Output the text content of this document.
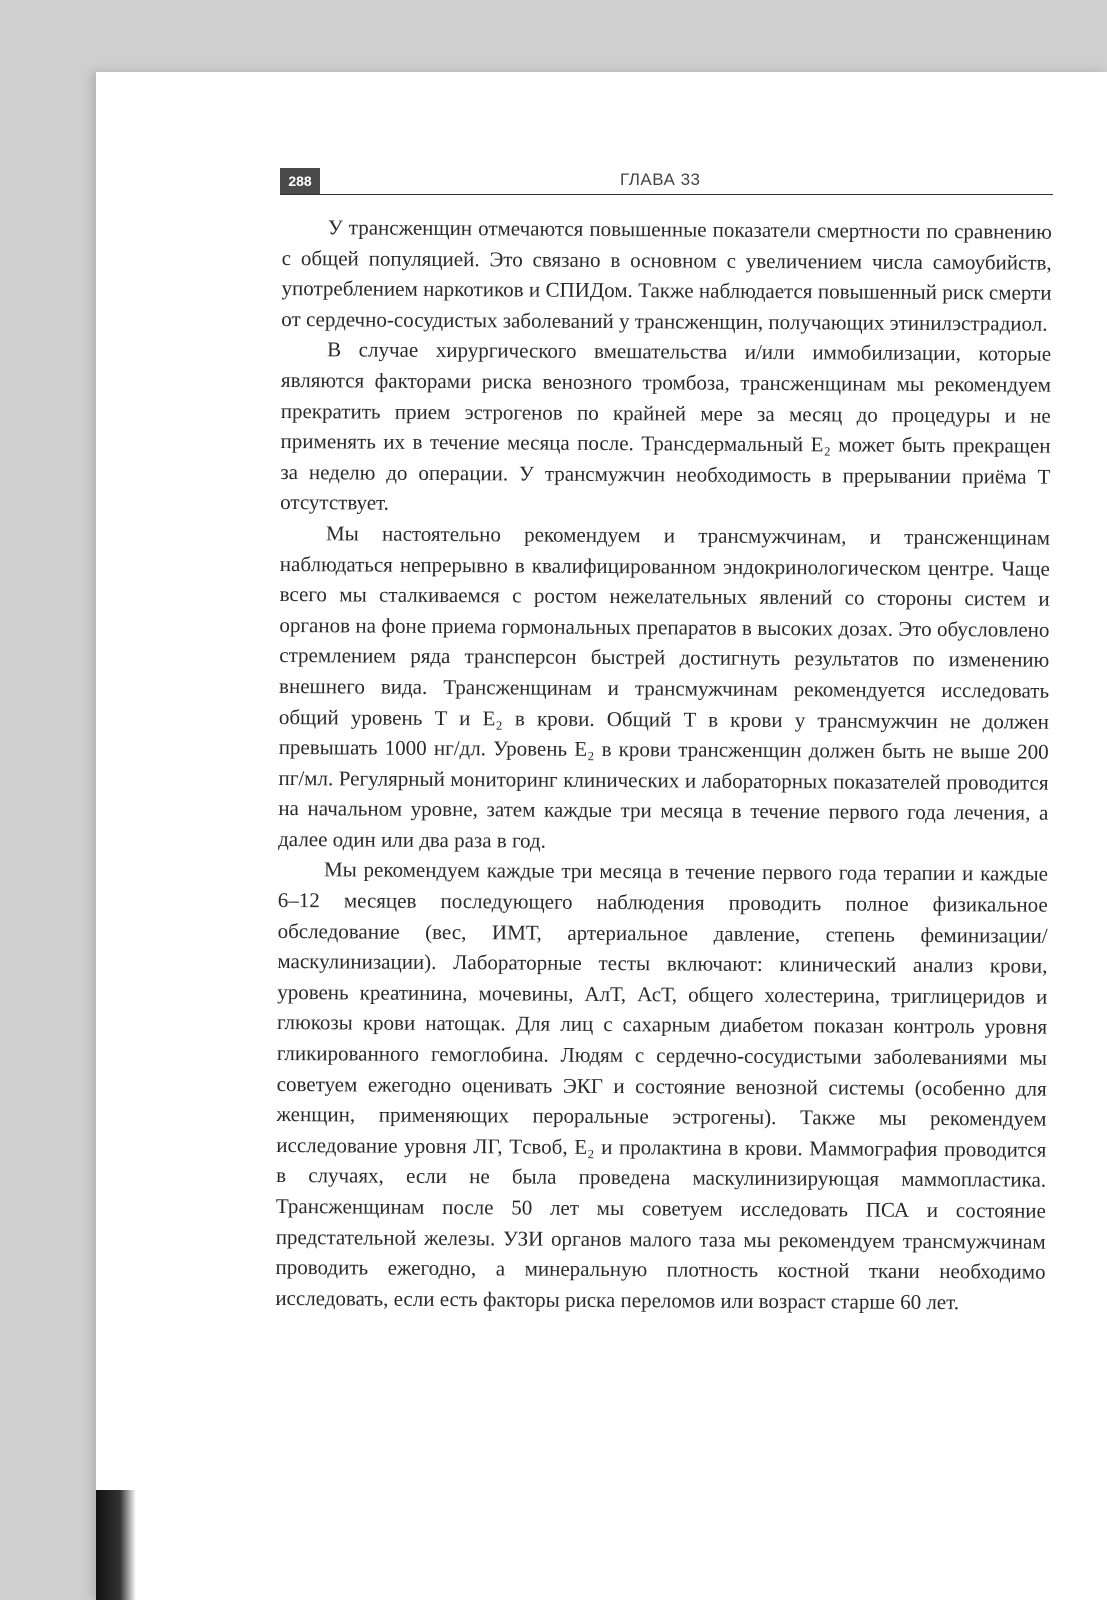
288	ГЛАВА 33

У трансженщин отмечаются повышенные показатели смертности по сравнению с общей популяцией. Это связано в основном с увеличением числа самоубийств, употреблением наркотиков и СПИДом. Также наблюдается повышенный риск смерти от сердечно-сосудистых заболеваний у трансженщин, получающих этинилэстрадиол.

В случае хирургического вмешательства и/или иммобилизации, которые являются факторами риска венозного тромбоза, трансженщинам мы рекомендуем прекратить прием эстрогенов по крайней мере за месяц до процедуры и не применять их в течение месяца после. Трансдермальный E₂ может быть прекращен за неделю до операции. У трансмужчин необходимость в прерывании приёма T отсутствует.

Мы настоятельно рекомендуем и трансмужчинам, и трансженщинам наблюдаться непрерывно в квалифицированном эндокринологическом центре. Чаще всего мы сталкиваемся с ростом нежелательных явлений со стороны систем и органов на фоне приема гормональных препаратов в высоких дозах. Это обусловлено стремлением ряда трансперсон быстрей достигнуть результатов по изменению внешнего вида. Трансженщинам и трансмужчинам рекомендуется исследовать общий уровень T и E₂ в крови. Общий T в крови у трансмужчин не должен превышать 1000 нг/дл. Уровень E₂ в крови трансженщин должен быть не выше 200 пг/мл. Регулярный мониторинг клинических и лабораторных показателей проводится на начальном уровне, затем каждые три месяца в течение первого года лечения, а далее один или два раза в год.

Мы рекомендуем каждые три месяца в течение первого года терапии и каждые 6–12 месяцев последующего наблюдения проводить полное физикальное обследование (вес, ИМТ, артериальное давление, степень феминизации/маскулинизации). Лабораторные тесты включают: клинический анализ крови, уровень креатинина, мочевины, АлТ, АсТ, общего холестерина, триглицеридов и глюкозы крови натощак. Для лиц с сахарным диабетом показан контроль уровня гликированного гемоглобина. Людям с сердечно-сосудистыми заболеваниями мы советуем ежегодно оценивать ЭКГ и состояние венозной системы (особенно для женщин, применяющих пероральные эстрогены). Также мы рекомендуем исследование уровня ЛГ, Tсвоб, E₂ и пролактина в крови. Маммография проводится в случаях, если не была проведена маскулинизирующая маммопластика. Трансженщинам после 50 лет мы советуем исследовать ПСА и состояние предстательной железы. УЗИ органов малого таза мы рекомендуем трансмужчинам проводить ежегодно, а минеральную плотность костной ткани необходимо исследовать, если есть факторы риска переломов или возраст старше 60 лет.
